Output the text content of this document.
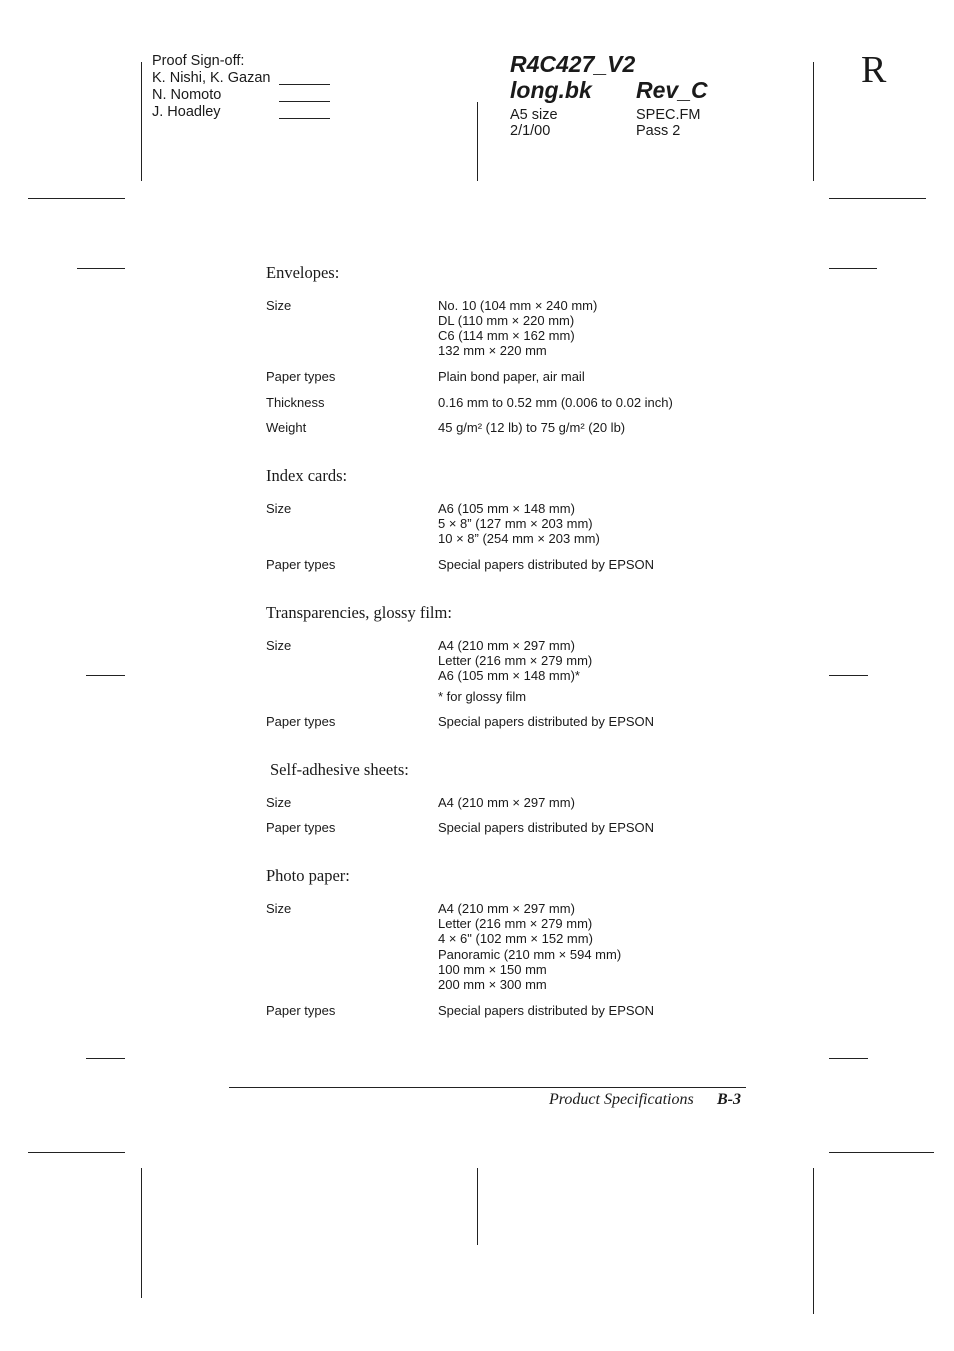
Proof Sign-off:
K. Nishi, K. Gazan
N. Nomoto
J. Hoadley
R4C427_V2
long.bk Rev_C
A5 size
2/1/00
SPEC.FM
Pass 2
R
Envelopes:
Size	No. 10 (104 mm × 240 mm)
DL (110 mm × 220 mm)
C6 (114 mm × 162 mm)
132 mm × 220 mm
Paper types	Plain bond paper, air mail
Thickness	0.16 mm to 0.52 mm (0.006 to 0.02 inch)
Weight	45 g/m² (12 lb) to 75 g/m² (20 lb)
Index cards:
Size	A6 (105 mm × 148 mm)
5 × 8” (127 mm × 203 mm)
10 × 8” (254 mm × 203 mm)
Paper types	Special papers distributed by EPSON
Transparencies, glossy film:
Size	A4 (210 mm × 297 mm)
Letter (216 mm × 279 mm)
A6 (105 mm × 148 mm)*
* for glossy film
Paper types	Special papers distributed by EPSON
Self-adhesive sheets:
Size	A4 (210 mm × 297 mm)
Paper types	Special papers distributed by EPSON
Photo paper:
Size	A4 (210 mm × 297 mm)
Letter (216 mm × 279 mm)
4 × 6" (102 mm × 152 mm)
Panoramic (210 mm × 594 mm)
100 mm × 150 mm
200 mm × 300 mm
Paper types	Special papers distributed by EPSON
Product Specifications B-3
